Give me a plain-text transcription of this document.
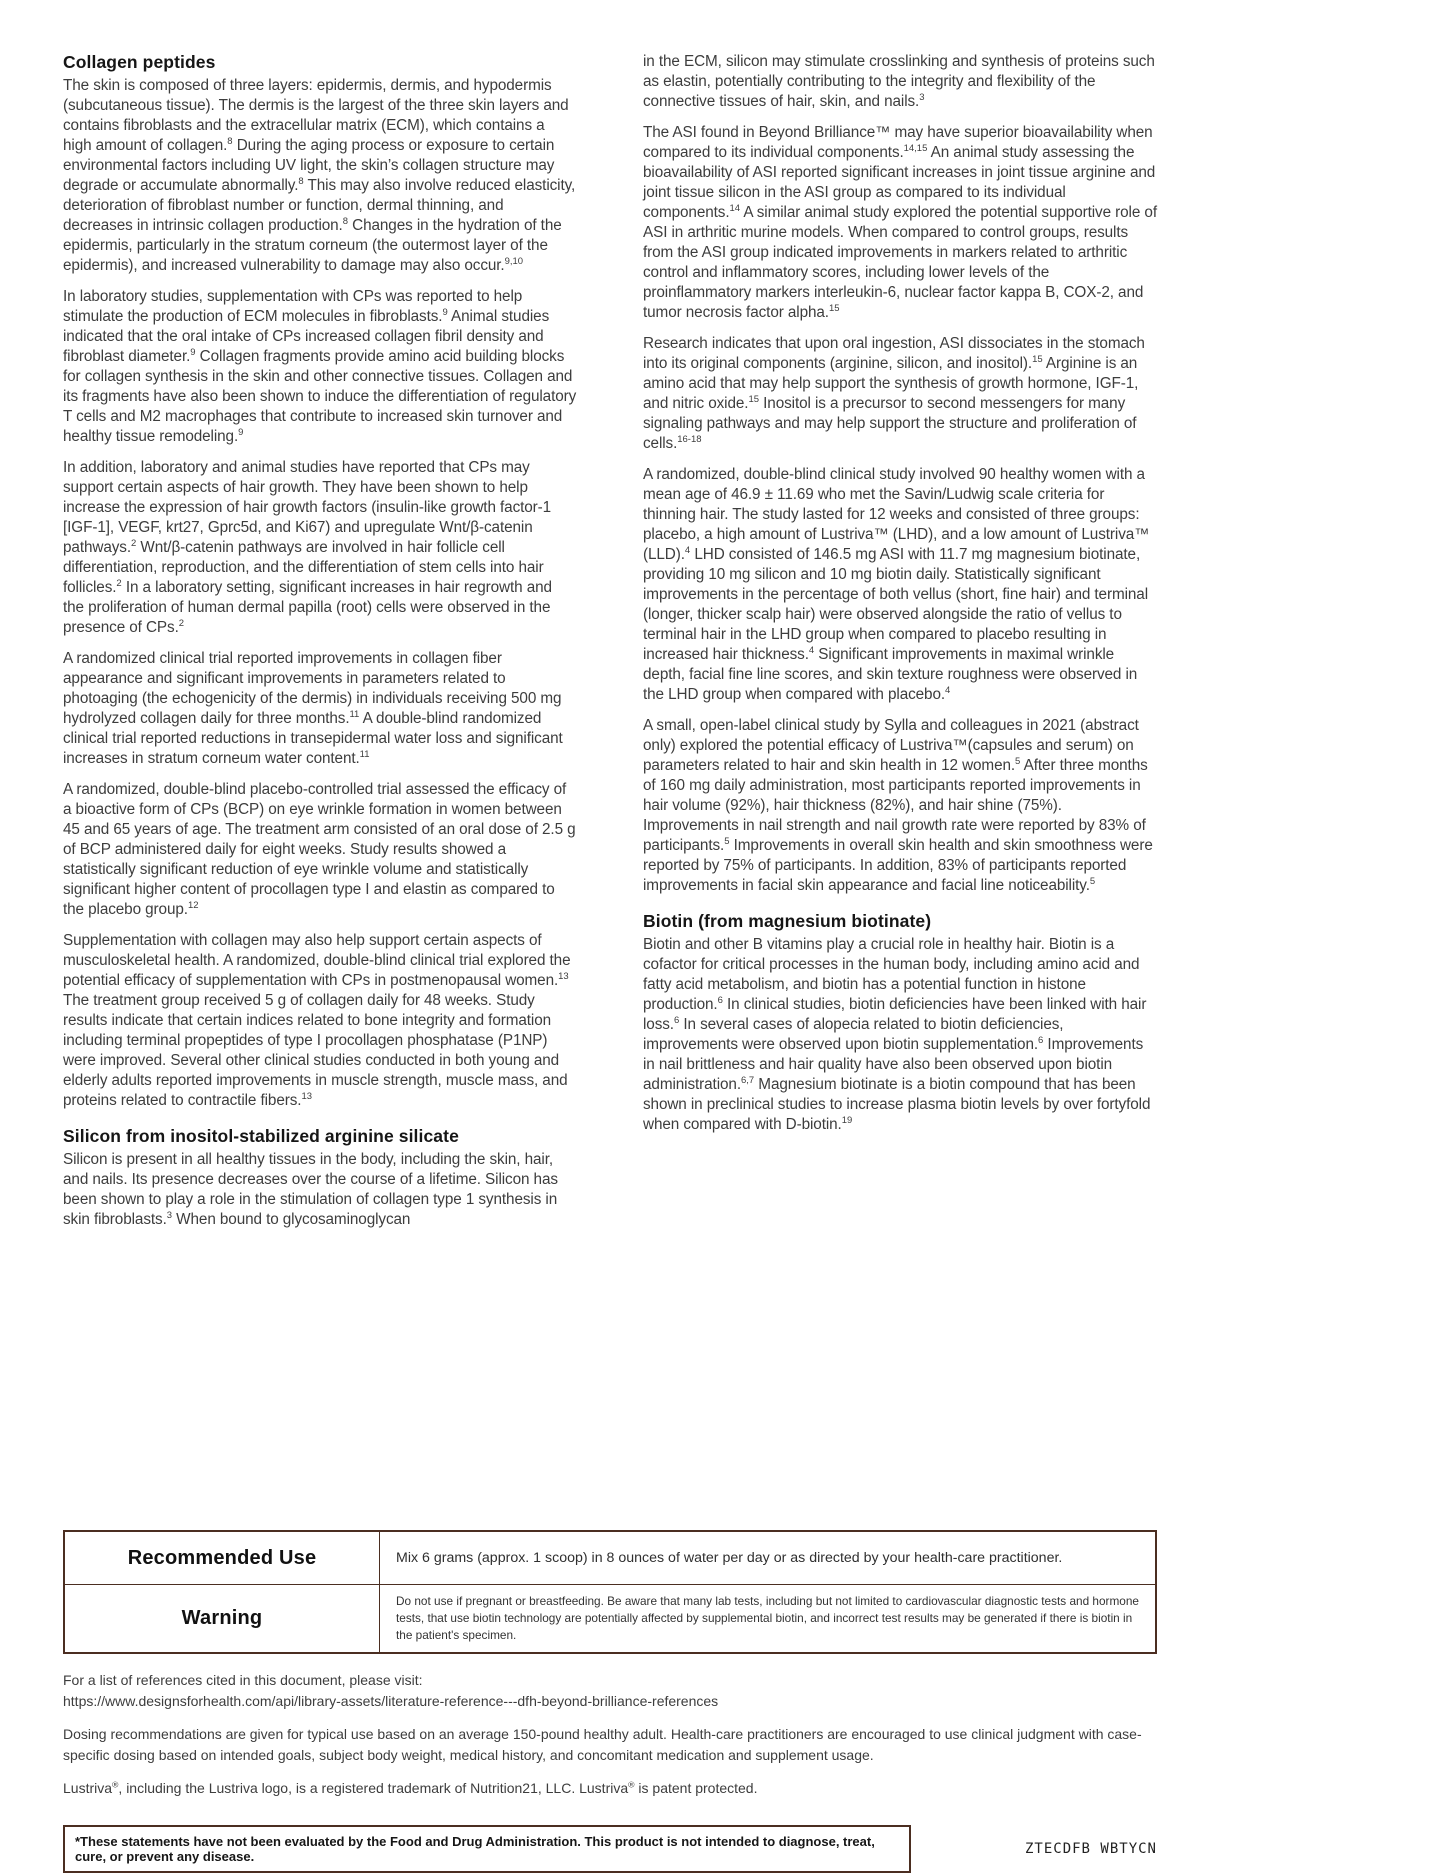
Collagen peptides

The skin is composed of three layers: epidermis, dermis, and hypodermis (subcutaneous tissue). The dermis is the largest of the three skin layers and contains fibroblasts and the extracellular matrix (ECM), which contains a high amount of collagen.$^8$ During the aging process or exposure to certain environmental factors including UV light, the skin’s collagen structure may degrade or accumulate abnormally.$^8$ This may also involve reduced elasticity, deterioration of fibroblast number or function, dermal thinning, and decreases in intrinsic collagen production.$^8$ Changes in the hydration of the epidermis, particularly in the stratum corneum (the outermost layer of the epidermis), and increased vulnerability to damage may also occur.$^{9,10}$

In laboratory studies, supplementation with CPs was reported to help stimulate the production of ECM molecules in fibroblasts.$^9$ Animal studies indicated that the oral intake of CPs increased collagen fibril density and fibroblast diameter.$^9$ Collagen fragments provide amino acid building blocks for collagen synthesis in the skin and other connective tissues. Collagen and its fragments have also been shown to induce the differentiation of regulatory T cells and M2 macrophages that contribute to increased skin turnover and healthy tissue remodeling.$^9$

In addition, laboratory and animal studies have reported that CPs may support certain aspects of hair growth. They have been shown to help increase the expression of hair growth factors (insulin-like growth factor-1 [IGF-1], VEGF, krt27, Gprc5d, and Ki67) and upregulate Wnt/β-catenin pathways.$^2$ Wnt/β-catenin pathways are involved in hair follicle cell differentiation, reproduction, and the differentiation of stem cells into hair follicles.$^2$ In a laboratory setting, significant increases in hair regrowth and the proliferation of human dermal papilla (root) cells were observed in the presence of CPs.$^2$

A randomized clinical trial reported improvements in collagen fiber appearance and significant improvements in parameters related to photoaging (the echogenicity of the dermis) in individuals receiving 500 mg hydrolyzed collagen daily for three months.$^{11}$ A double-blind randomized clinical trial reported reductions in transepidermal water loss and significant increases in stratum corneum water content.$^{11}$

A randomized, double-blind placebo-controlled trial assessed the efficacy of a bioactive form of CPs (BCP) on eye wrinkle formation in women between 45 and 65 years of age. The treatment arm consisted of an oral dose of 2.5 g of BCP administered daily for eight weeks. Study results showed a statistically significant reduction of eye wrinkle volume and statistically significant higher content of procollagen type I and elastin as compared to the placebo group.$^{12}$

Supplementation with collagen may also help support certain aspects of musculoskeletal health. A randomized, double-blind clinical trial explored the potential efficacy of supplementation with CPs in postmenopausal women.$^{13}$ The treatment group received 5 g of collagen daily for 48 weeks. Study results indicate that certain indices related to bone integrity and formation including terminal propeptides of type I procollagen phosphatase (P1NP) were improved. Several other clinical studies conducted in both young and elderly adults reported improvements in muscle strength, muscle mass, and proteins related to contractile fibers.$^{13}$

Silicon from inositol-stabilized arginine silicate

Silicon is present in all healthy tissues in the body, including the skin, hair, and nails. Its presence decreases over the course of a lifetime. Silicon has been shown to play a role in the stimulation of collagen type 1 synthesis in skin fibroblasts.$^3$ When bound to glycosaminoglycan

in the ECM, silicon may stimulate crosslinking and synthesis of proteins such as elastin, potentially contributing to the integrity and flexibility of the connective tissues of hair, skin, and nails.$^3$

The ASI found in Beyond Brilliance™ may have superior bioavailability when compared to its individual components.$^{14,15}$ An animal study assessing the bioavailability of ASI reported significant increases in joint tissue arginine and joint tissue silicon in the ASI group as compared to its individual components.$^{14}$ A similar animal study explored the potential supportive role of ASI in arthritic murine models. When compared to control groups, results from the ASI group indicated improvements in markers related to arthritic control and inflammatory scores, including lower levels of the proinflammatory markers interleukin-6, nuclear factor kappa B, COX-2, and tumor necrosis factor alpha.$^{15}$

Research indicates that upon oral ingestion, ASI dissociates in the stomach into its original components (arginine, silicon, and inositol).$^{15}$ Arginine is an amino acid that may help support the synthesis of growth hormone, IGF-1, and nitric oxide.$^{15}$ Inositol is a precursor to second messengers for many signaling pathways and may help support the structure and proliferation of cells.$^{16-18}$

A randomized, double-blind clinical study involved 90 healthy women with a mean age of 46.9 ± 11.69 who met the Savin/Ludwig scale criteria for thinning hair. The study lasted for 12 weeks and consisted of three groups: placebo, a high amount of Lustriva™ (LHD), and a low amount of Lustriva™ (LLD).$^4$ LHD consisted of 146.5 mg ASI with 11.7 mg magnesium biotinate, providing 10 mg silicon and 10 mg biotin daily. Statistically significant improvements in the percentage of both vellus (short, fine hair) and terminal (longer, thicker scalp hair) were observed alongside the ratio of vellus to terminal hair in the LHD group when compared to placebo resulting in increased hair thickness.$^4$ Significant improvements in maximal wrinkle depth, facial fine line scores, and skin texture roughness were observed in the LHD group when compared with placebo.$^4$

A small, open-label clinical study by Sylla and colleagues in 2021 (abstract only) explored the potential efficacy of Lustriva™(capsules and serum) on parameters related to hair and skin health in 12 women.$^5$ After three months of 160 mg daily administration, most participants reported improvements in hair volume (92%), hair thickness (82%), and hair shine (75%). Improvements in nail strength and nail growth rate were reported by 83% of participants.$^5$ Improvements in overall skin health and skin smoothness were reported by 75% of participants. In addition, 83% of participants reported improvements in facial skin appearance and facial line noticeability.$^5$

Biotin (from magnesium biotinate)

Biotin and other B vitamins play a crucial role in healthy hair. Biotin is a cofactor for critical processes in the human body, including amino acid and fatty acid metabolism, and biotin has a potential function in histone production.$^6$ In clinical studies, biotin deficiencies have been linked with hair loss.$^6$ In several cases of alopecia related to biotin deficiencies, improvements were observed upon biotin supplementation.$^6$ Improvements in nail brittleness and hair quality have also been observed upon biotin administration.$^{6,7}$ Magnesium biotinate is a biotin compound that has been shown in preclinical studies to increase plasma biotin levels by over fortyfold when compared with D-biotin.$^{19}$

Recommended Use	Mix 6 grams (approx. 1 scoop) in 8 ounces of water per day or as directed by your health-care practitioner.
Warning	Do not use if pregnant or breastfeeding. Be aware that many lab tests, including but not limited to cardiovascular diagnostic tests and hormone tests, that use biotin technology are potentially affected by supplemental biotin, and incorrect test results may be generated if there is biotin in the patient's specimen.
For a list of references cited in this document, please visit:
https://www.designsforhealth.com/api/library-assets/literature-reference---dfh-beyond-brilliance-references
Dosing recommendations are given for typical use based on an average 150-pound healthy adult. Health-care practitioners are encouraged to use clinical judgment with case-specific dosing based on intended goals, subject body weight, medical history, and concomitant medication and supplement usage.
Lustriva®, including the Lustriva logo, is a registered trademark of Nutrition21, LLC. Lustriva® is patent protected.
*These statements have not been evaluated by the Food and Drug Administration. This product is not intended to diagnose, treat, cure, or prevent any disease.	ZTECDFB WBTYCN
